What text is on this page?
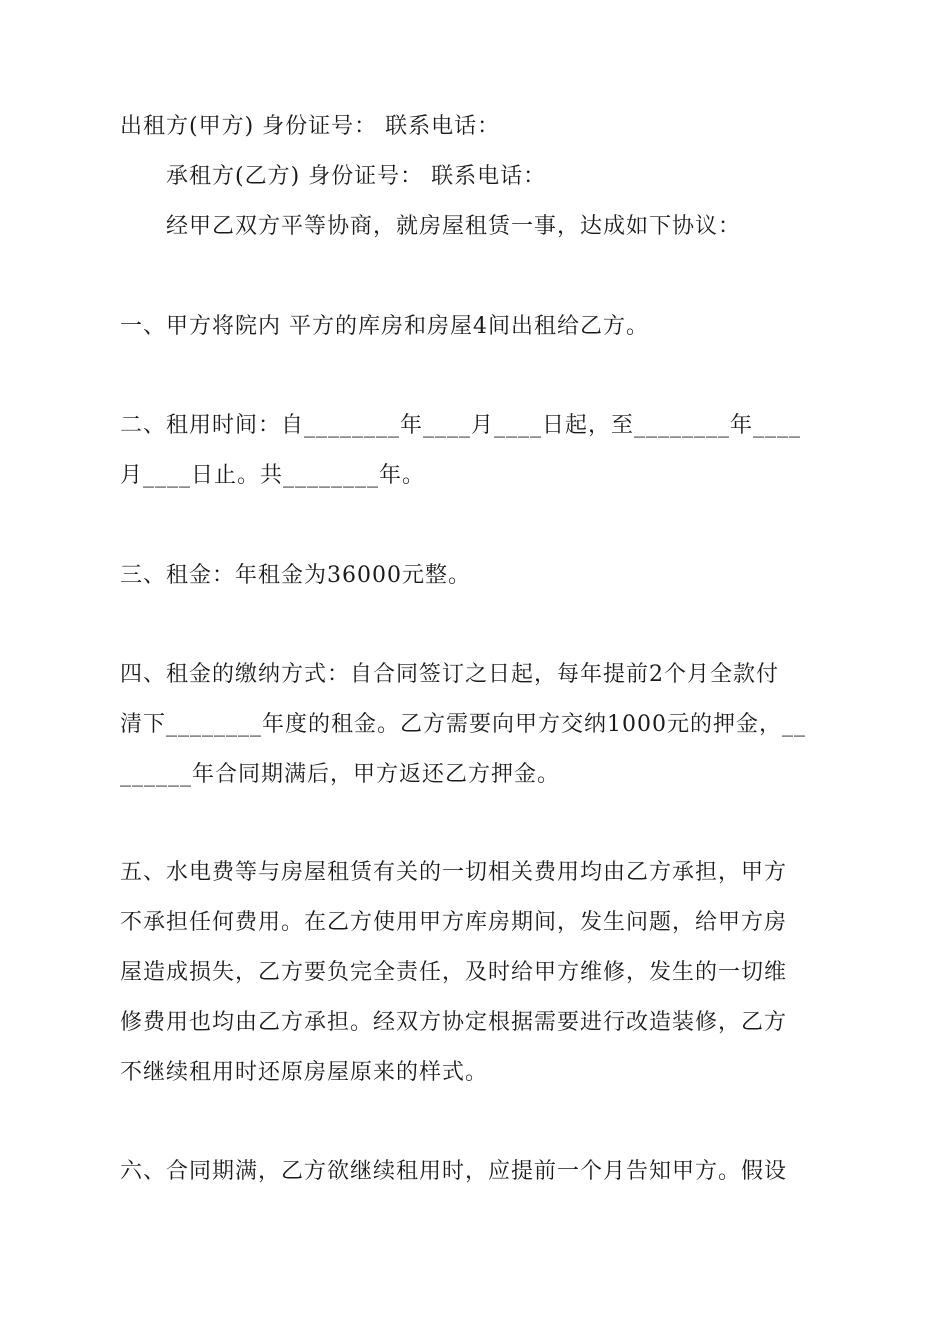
出租方(甲方) 身份证号： 联系电话：
承租方(乙方) 身份证号： 联系电话：
经甲乙双方平等协商，就房屋租赁一事，达成如下协议：
一、甲方将院内 平方的库房和房屋4间出租给乙方。
二、租用时间：自________年____月____日起，至________年____
月____日止。共________年。
三、租金：年租金为36000元整。
四、租金的缴纳方式：自合同签订之日起，每年提前2个月全款付
清下________年度的租金。乙方需要向甲方交纳1000元的押金，__
______年合同期满后，甲方返还乙方押金。
五、水电费等与房屋租赁有关的一切相关费用均由乙方承担，甲方
不承担任何费用。在乙方使用甲方库房期间，发生问题，给甲方房
屋造成损失，乙方要负完全责任，及时给甲方维修，发生的一切维
修费用也均由乙方承担。经双方协定根据需要进行改造装修，乙方
不继续租用时还原房屋原来的样式。
六、合同期满，乙方欲继续租用时，应提前一个月告知甲方。假设
